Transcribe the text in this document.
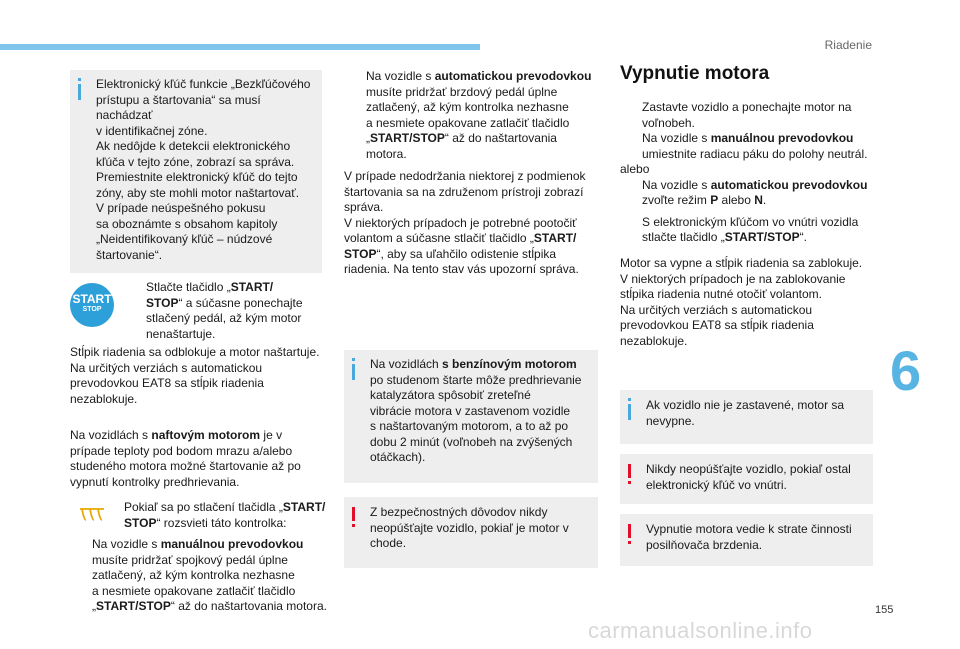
Riadenie
6
Elektronický kľúč funkcie „Bezkľúčového
prístupu a štartovania“ sa musí nachádzať
v identifikačnej zóne.
Ak nedôjde k detekcii elektronického
kľúča v tejto zóne, zobrazí sa správa.
Premiestnite elektronický kľúč do tejto
zóny, aby ste mohli motor naštartovať.
V prípade neúspešného pokusu
sa oboznámte s obsahom kapitoly
„Neidentifikovaný kľúč – núdzové
štartovanie“.
START
STOP
Stlačte tlačidlo „START/
STOP“ a súčasne ponechajte
stlačený pedál, až kým motor
nenaštartuje.
Stĺpik riadenia sa odblokuje a motor naštartuje.
Na určitých verziách s automatickou
prevodovkou EAT8 sa stĺpik riadenia
nezablokuje.
Na vozidlách s naftovým motorom je v
prípade teploty pod bodom mrazu a/alebo
studeného motora možné štartovanie až po
vypnutí kontrolky predhrievania.
Pokiaľ sa po stlačení tlačidla „START/
STOP“ rozsvieti táto kontrolka:
Na vozidle s manuálnou prevodovkou
musíte pridržať spojkový pedál úplne
zatlačený, až kým kontrolka nezhasne
a nesmiete opakovane zatlačiť tlačidlo
„START/STOP“ až do naštartovania motora.
Na vozidle s automatickou prevodovkou
musíte pridržať brzdový pedál úplne
zatlačený, až kým kontrolka nezhasne
a nesmiete opakovane zatlačiť tlačidlo
„START/STOP“ až do naštartovania motora.
V prípade nedodržania niektorej z podmienok
štartovania sa na združenom prístroji zobrazí
správa.
V niektorých prípadoch je potrebné pootočiť
volantom a súčasne stlačiť tlačidlo „START/
STOP“, aby sa uľahčilo odistenie stĺpika
riadenia. Na tento stav vás upozorní správa.
Na vozidlách s benzínovým motorom
po studenom štarte môže predhrievanie
katalyzátora spôsobiť zreteľné
vibrácie motora v zastavenom vozidle
s naštartovaným motorom, a to až po
dobu 2 minút (voľnobeh na zvýšených
otáčkach).
Z bezpečnostných dôvodov nikdy
neopúšťajte vozidlo, pokiaľ je motor v
chode.
Vypnutie motora
Zastavte vozidlo a ponechajte motor na
voľnobeh.
Na vozidle s manuálnou prevodovkou
umiestnite radiacu páku do polohy neutrál.
alebo
Na vozidle s automatickou prevodovkou
zvoľte režim P alebo N.
S elektronickým kľúčom vo vnútri vozidla
stlačte tlačidlo „START/STOP“.
Motor sa vypne a stĺpik riadenia sa zablokuje.
V niektorých prípadoch je na zablokovanie
stĺpika riadenia nutné otočiť volantom.
Na určitých verziách s automatickou
prevodovkou EAT8 sa stĺpik riadenia
nezablokuje.
Ak vozidlo nie je zastavené, motor sa
nevypne.
Nikdy neopúšťajte vozidlo, pokiaľ ostal
elektronický kľúč vo vnútri.
Vypnutie motora vedie k strate činnosti
posilňovača brzdenia.
155
carmanualsonline.info
